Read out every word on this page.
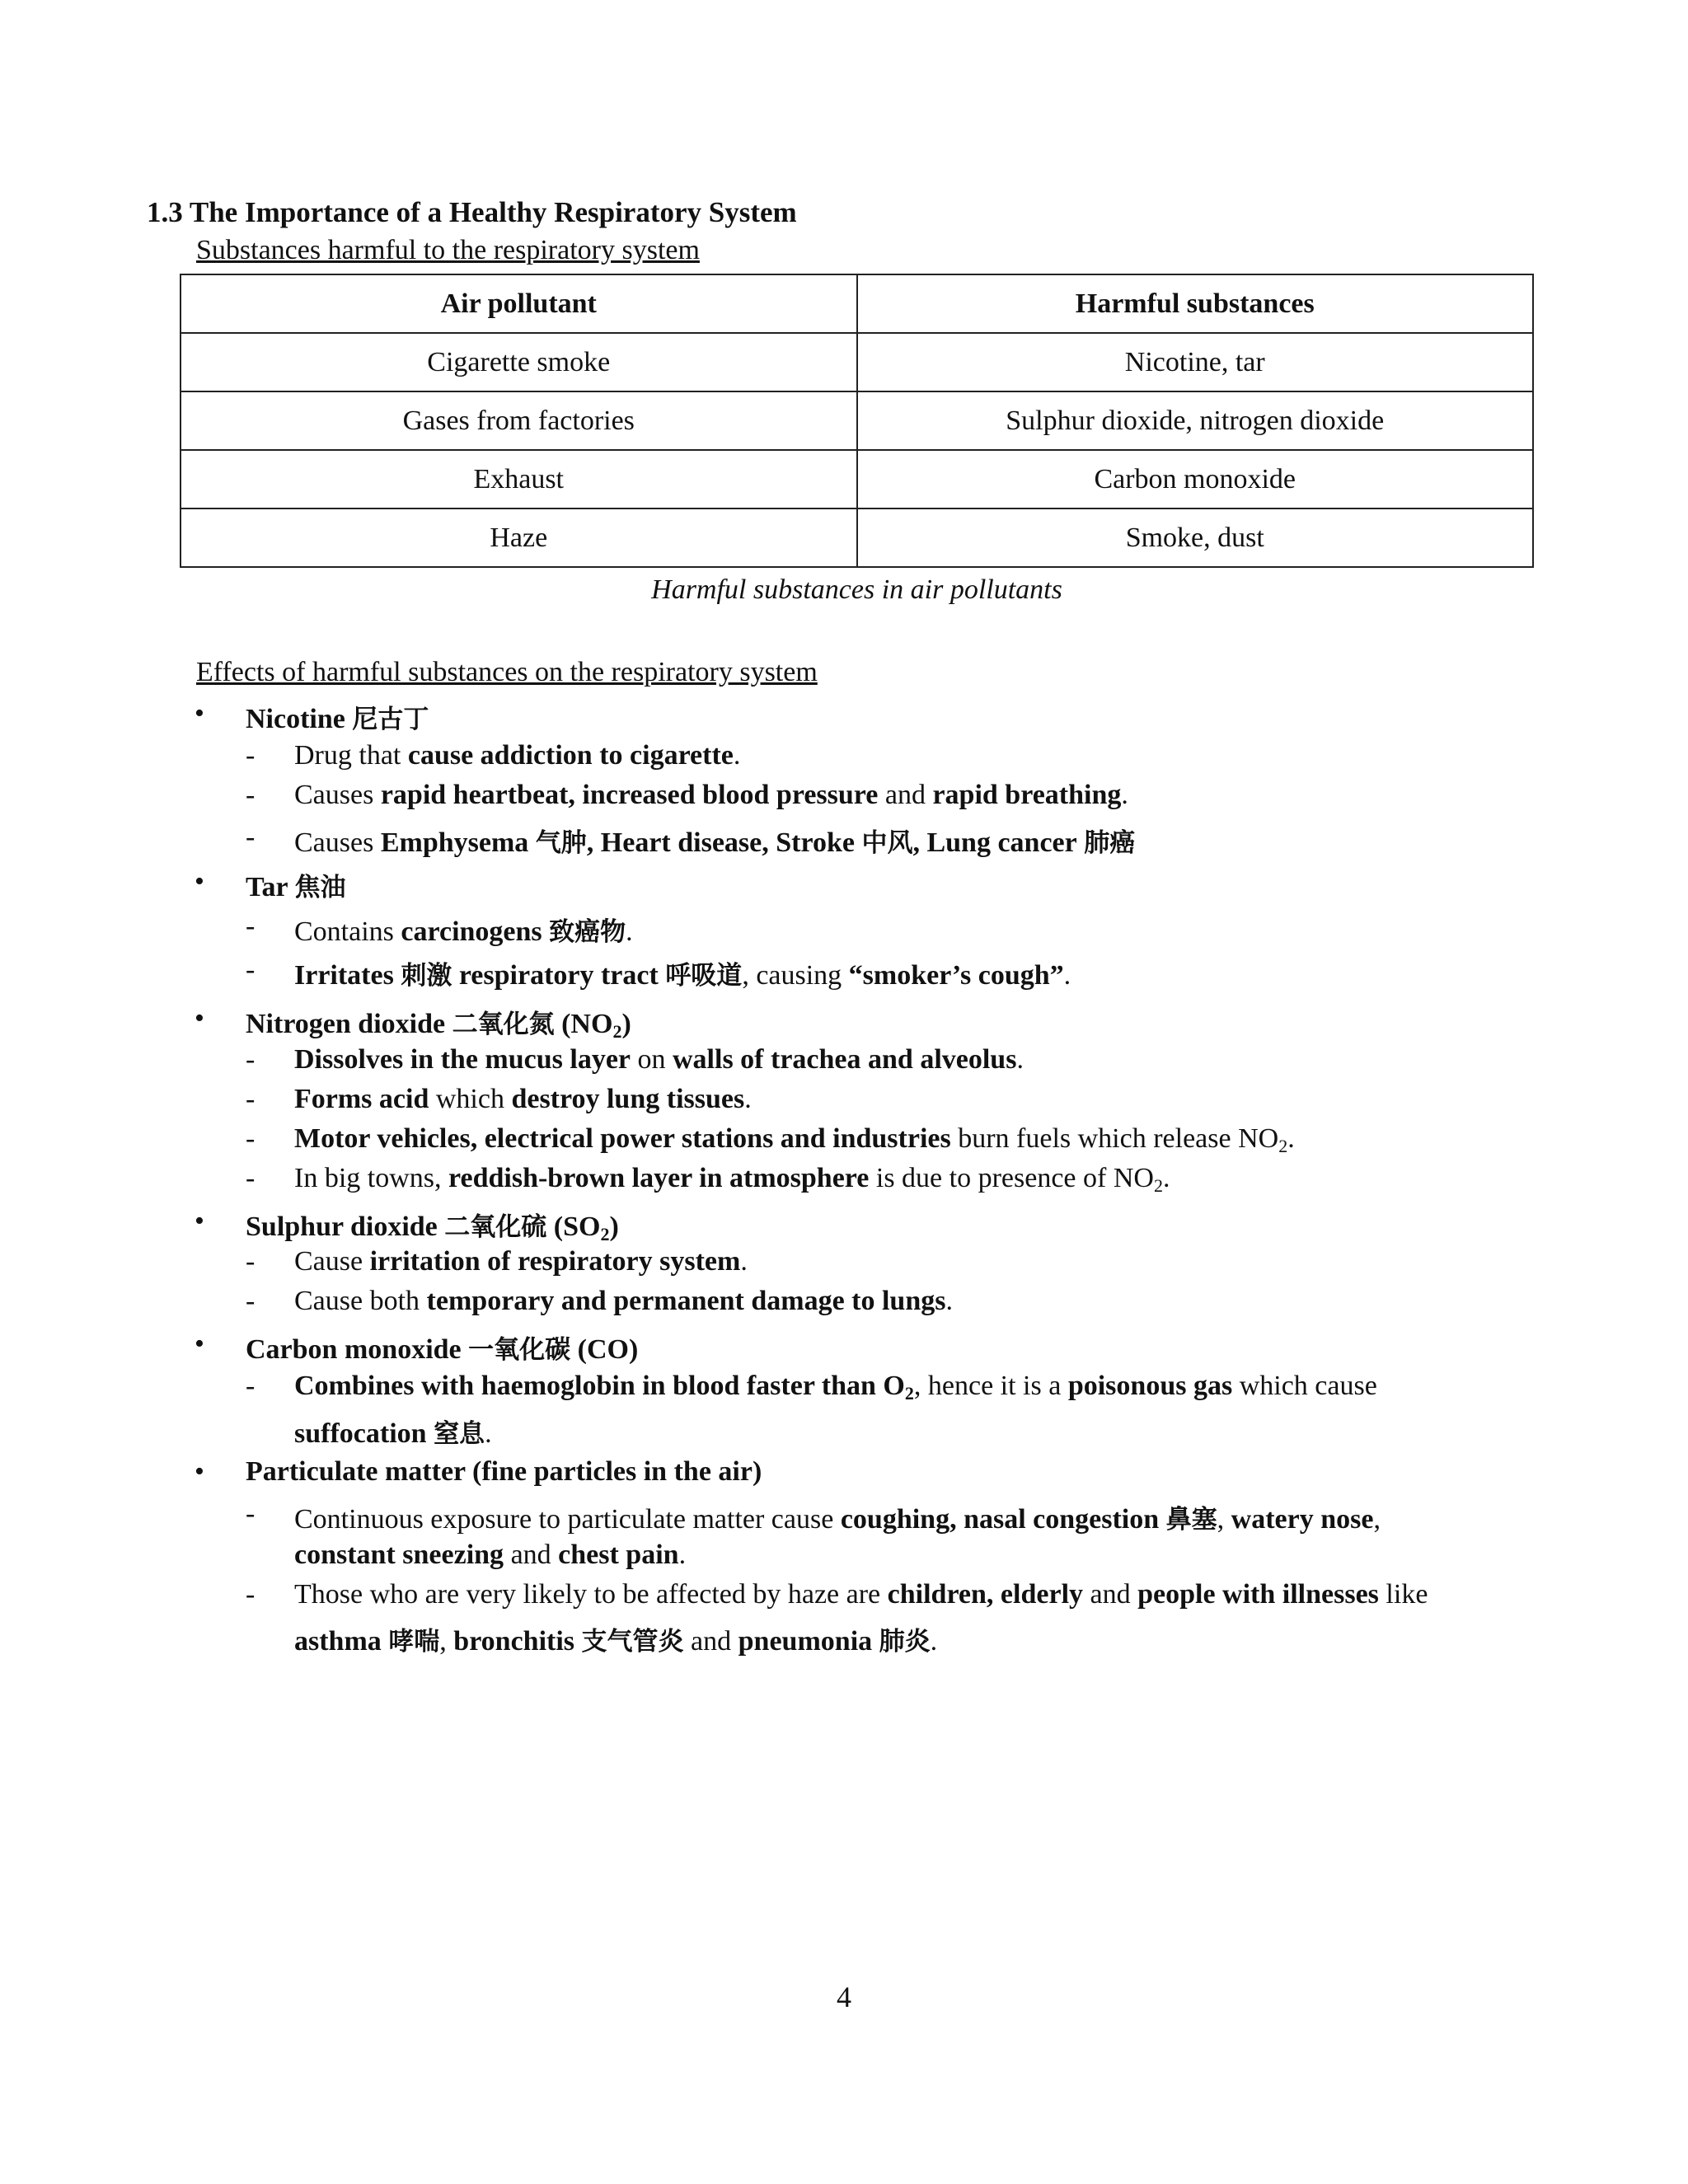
1.3 The Importance of a Healthy Respiratory System
Substances harmful to the respiratory system
Air pollutant	Harmful substances
Cigarette smoke	Nicotine, tar
Gases from factories	Sulphur dioxide, nitrogen dioxide
Exhaust	Carbon monoxide
Haze	Smoke, dust
Harmful substances in air pollutants
Effects of harmful substances on the respiratory system
• Nicotine 尼古丁
- Drug that cause addiction to cigarette.
- Causes rapid heartbeat, increased blood pressure and rapid breathing.
- Causes Emphysema 气肿, Heart disease, Stroke 中风, Lung cancer 肺癌
• Tar 焦油
- Contains carcinogens 致癌物.
- Irritates 刺激 respiratory tract 呼吸道, causing “smoker’s cough”.
• Nitrogen dioxide 二氧化氮 $(NO_2)$
- Dissolves in the mucus layer on walls of trachea and alveolus.
- Forms acid which destroy lung tissues.
- Motor vehicles, electrical power stations and industries burn fuels which release $NO_2$.
- In big towns, reddish-brown layer in atmosphere is due to presence of $NO_2$.
• Sulphur dioxide 二氧化硫 $(SO_2)$
- Cause irritation of respiratory system.
- Cause both temporary and permanent damage to lungs.
• Carbon monoxide 一氧化碳 (CO)
- Combines with haemoglobin in blood faster than $O_2$, hence it is a poisonous gas which cause
suffocation 窒息.
• Particulate matter (fine particles in the air)
- Continuous exposure to particulate matter cause coughing, nasal congestion 鼻塞, watery nose,
constant sneezing and chest pain.
- Those who are very likely to be affected by haze are children, elderly and people with illnesses like
asthma 哮喘, bronchitis 支气管炎 and pneumonia 肺炎.
4
